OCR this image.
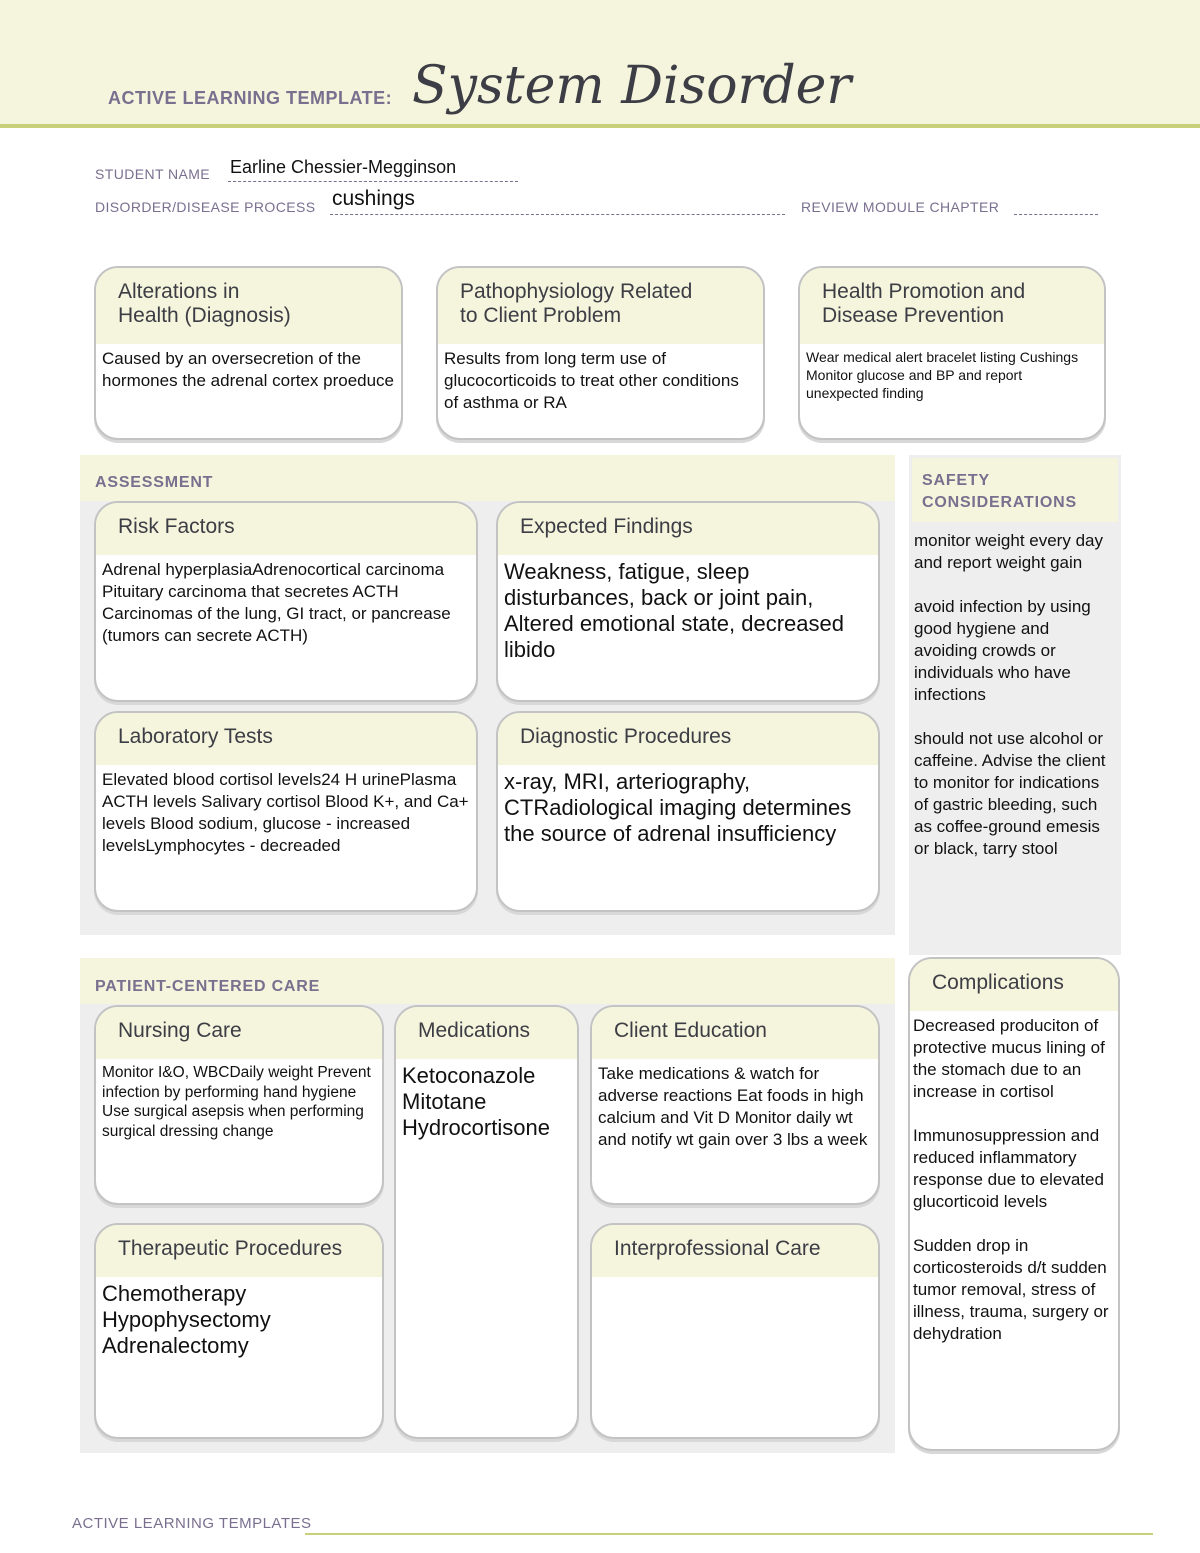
ACTIVE LEARNING TEMPLATE: System Disorder
STUDENT NAME Earline Chessier-Megginson
DISORDER/DISEASE PROCESS cushings	REVIEW MODULE CHAPTER
Alterations in
Health (Diagnosis)
Caused by an oversecretion of the hormones the adrenal cortex proeduce
Pathophysiology Related
to Client Problem
Results from long term use of glucocorticoids to treat other conditions of asthma or RA
Health Promotion and
Disease Prevention
Wear medical alert bracelet listing Cushings
Monitor glucose and BP and report unexpected finding
ASSESSMENT
Risk Factors
Adrenal hyperplasiaAdrenocortical carcinoma
Pituitary carcinoma that secretes ACTH Carcinomas of the lung, GI tract, or pancrease (tumors can secrete ACTH)
Expected Findings
Weakness, fatigue, sleep disturbances, back or joint pain, Altered emotional state, decreased libido
Laboratory Tests
Elevated blood cortisol levels24 H urinePlasma ACTH levels Salivary cortisol Blood K+, and Ca+ levels Blood sodium, glucose - increased levelsLymphocytes - decreaded
Diagnostic Procedures
x-ray, MRI, arteriography, CTRadiological imaging determines the source of adrenal insufficiency
SAFETY
CONSIDERATIONS
monitor weight every day and report weight gain

avoid infection by using good hygiene and avoiding crowds or individuals who have infections

should not use alcohol or caffeine. Advise the client to monitor for indications of gastric bleeding, such as coffee-ground emesis or black, tarry stool
PATIENT-CENTERED CARE
Nursing Care
Monitor I&O, WBCDaily weight Prevent infection by performing hand hygiene Use surgical asepsis when performing surgical dressing change
Medications
Ketoconazole
Mitotane
Hydrocortisone
Client Education
Take medications & watch for adverse reactions Eat foods in high calcium and Vit D Monitor daily wt and notify wt gain over 3 lbs a week
Therapeutic Procedures
Chemotherapy
Hypophysectomy
Adrenalectomy
Interprofessional Care
Complications
Decreased produciton of protective mucus lining of the stomach due to an increase in cortisol

Immunosuppression and reduced inflammatory response due to elevated glucorticoid levels

Sudden drop in corticosteroids d/t sudden tumor removal, stress of illness, trauma, surgery or dehydration
ACTIVE LEARNING TEMPLATES
